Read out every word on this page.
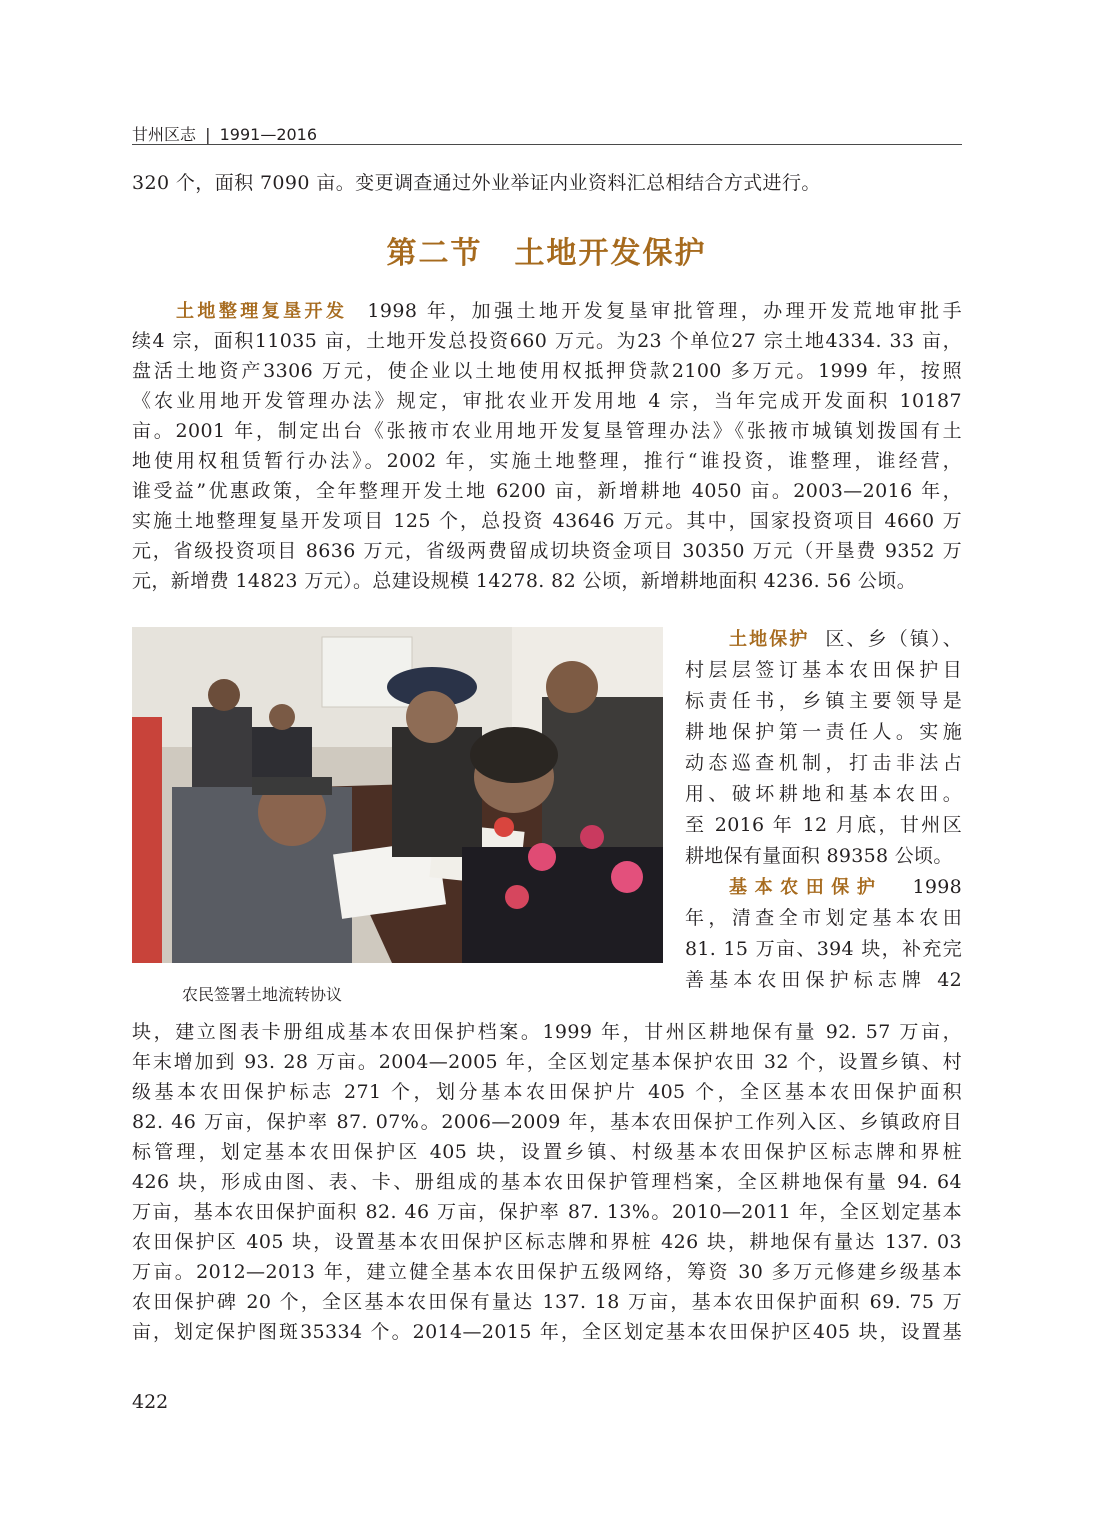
甘州区志 | 1991—2016
320 个，面积 7090 亩。变更调查通过外业举证内业资料汇总相结合方式进行。
第二节　土地开发保护
土地整理复垦开发 1998 年，加强土地开发复垦审批管理，办理开发荒地审批手
续4 宗，面积11035 亩，土地开发总投资660 万元。为23 个单位27 宗土地4334. 33 亩，
盘活土地资产3306 万元，使企业以土地使用权抵押贷款2100 多万元。1999 年，按照
《农业用地开发管理办法》规定，审批农业开发用地 4 宗，当年完成开发面积 10187
亩。2001 年，制定出台《张掖市农业用地开发复垦管理办法》《张掖市城镇划拨国有土
地使用权租赁暂行办法》。2002 年，实施土地整理，推行“谁投资，谁整理，谁经营，
谁受益”优惠政策，全年整理开发土地 6200 亩，新增耕地 4050 亩。2003—2016 年，
实施土地整理复垦开发项目 125 个，总投资 43646 万元。其中，国家投资项目 4660 万
元，省级投资项目 8636 万元，省级两费留成切块资金项目 30350 万元（开垦费 9352 万
元，新增费 14823 万元）。总建设规模 14278. 82 公顷，新增耕地面积 4236. 56 公顷。
农民签署土地流转协议
土地保护 区、乡（镇）、
村层层签订基本农田保护目
标责任书，乡镇主要领导是
耕地保护第一责任人。实施
动态巡查机制，打击非法占
用、破坏耕地和基本农田。
至 2016 年 12 月底，甘州区
耕地保有量面积 89358 公顷。
基本农田保护 1998
年，清查全市划定基本农田
81. 15 万亩、394 块，补充完
善基本农田保护标志牌 42
块，建立图表卡册组成基本农田保护档案。1999 年，甘州区耕地保有量 92. 57 万亩，
年末增加到 93. 28 万亩。2004—2005 年，全区划定基本保护农田 32 个，设置乡镇、村
级基本农田保护标志 271 个，划分基本农田保护片 405 个，全区基本农田保护面积
82. 46 万亩，保护率 87. 07%。2006—2009 年，基本农田保护工作列入区、乡镇政府目
标管理，划定基本农田保护区 405 块，设置乡镇、村级基本农田保护区标志牌和界桩
426 块，形成由图、表、卡、册组成的基本农田保护管理档案，全区耕地保有量 94. 64
万亩，基本农田保护面积 82. 46 万亩，保护率 87. 13%。2010—2011 年，全区划定基本
农田保护区 405 块，设置基本农田保护区标志牌和界桩 426 块，耕地保有量达 137. 03
万亩。2012—2013 年，建立健全基本农田保护五级网络，筹资 30 多万元修建乡级基本
农田保护碑 20 个，全区基本农田保有量达 137. 18 万亩，基本农田保护面积 69. 75 万
亩，划定保护图斑35334 个。2014—2015 年，全区划定基本农田保护区405 块，设置基
422
